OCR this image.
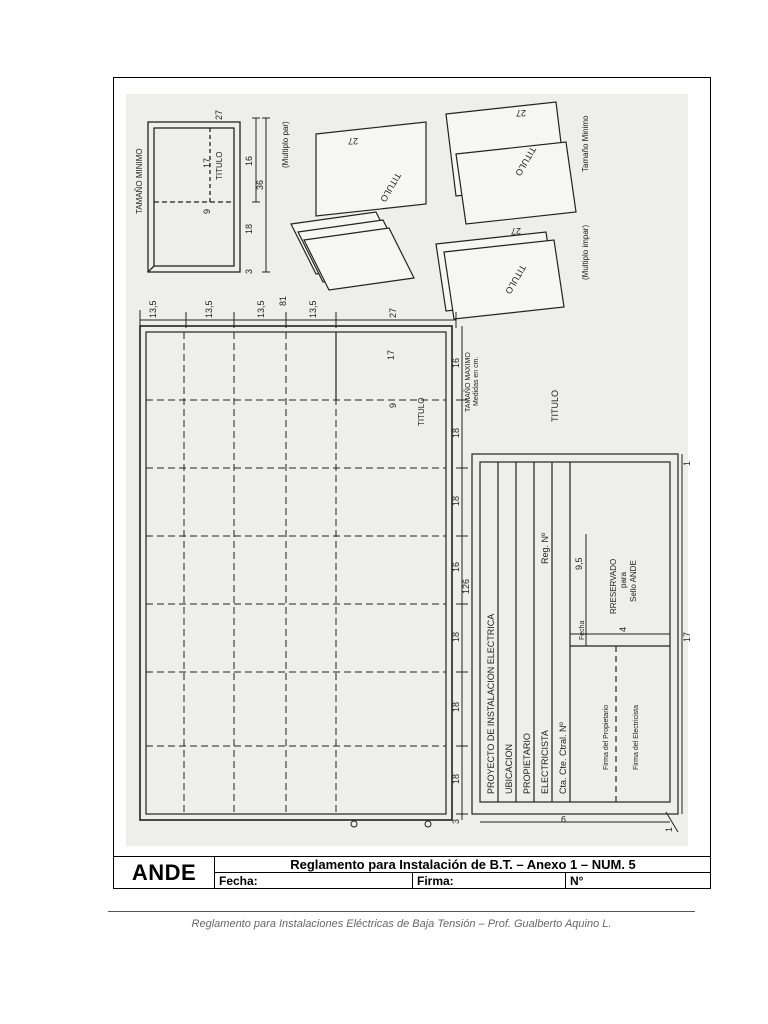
TAMAÑO MINIMO	TITULO
27
17	16
9
18
36
3
27
TITULO
(Multiplo par)
27
27
TITULO
TITULO
Tamaño Minimo
(Multiplo impar)
13,5	13,5	13,5 81 13,5	27
TITULO	TAMAÑO MAXIMO Medidas en cm.
17
9
16
18
18
16
126
18
18
18
3
TITULO
PROYECTO DE INSTALACION ELECTRICA UBICACION PROPIETARIO ELECTRICISTA Cta. Cte. Ctral. Nº
Reg. Nº
Fecha
RRESERVADO para Sello ANDE
Firma del Propietario	Firma del Electricista
9,5
4
17
1
9
1
ANDE	Reglamento para Instalación de B.T. – Anexo 1 – NUM. 5
Fecha:	Firma:	N°
Reglamento para Instalaciones Eléctricas de Baja Tensión – Prof. Gualberto Aquino L.
